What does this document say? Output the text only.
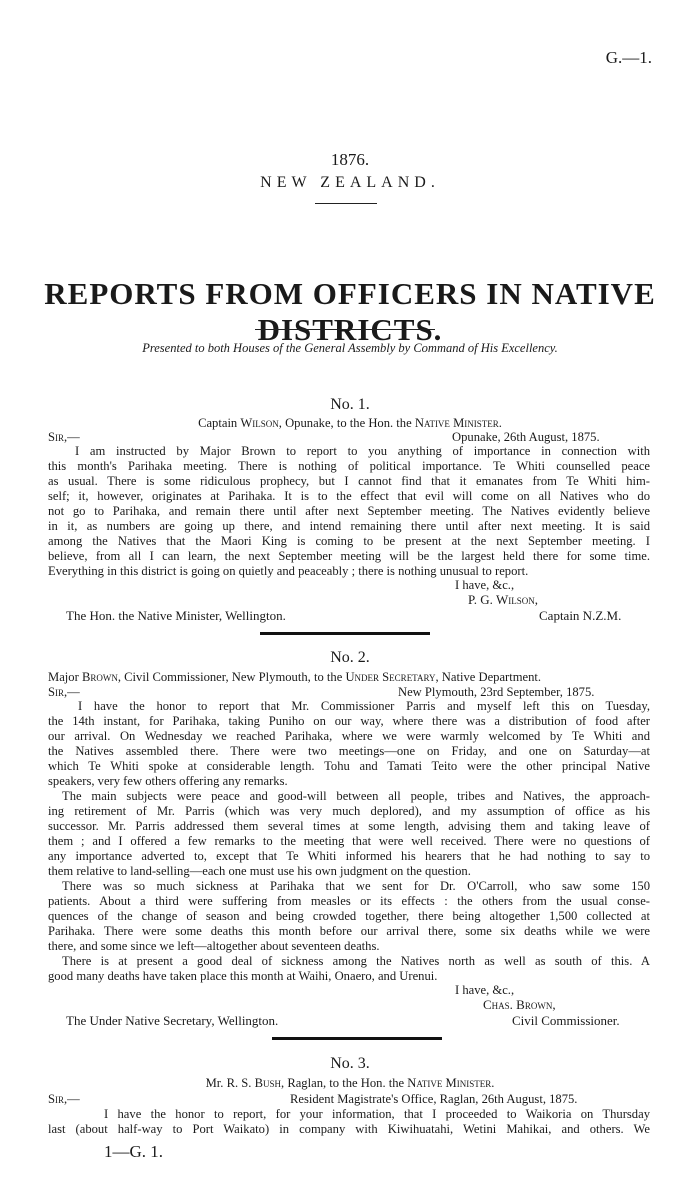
G.—1.
1876.
NEW ZEALAND.
REPORTS FROM OFFICERS IN NATIVE DISTRICTS.
Presented to both Houses of the General Assembly by Command of His Excellency.
No. 1.
Captain Wilson, Opunake, to the Hon. the Native Minister.
Sir,—	Opunake, 26th August, 1875.
I am instructed by Major Brown to report to you anything of importance in connection with
this month's Parihaka meeting. There is nothing of political importance. Te Whiti counselled peace
as usual. There is some ridiculous prophecy, but I cannot find that it emanates from Te Whiti him-
self; it, however, originates at Parihaka. It is to the effect that evil will come on all Natives who do
not go to Parihaka, and remain there until after next September meeting. The Natives evidently believe
in it, as numbers are going up there, and intend remaining there until after next meeting. It is said
among the Natives that the Maori King is coming to be present at the next September meeting. I
believe, from all I can learn, the next September meeting will be the largest held there for some time.
Everything in this district is going on quietly and peaceably ; there is nothing unusual to report.
I have, &c.,
P. G. Wilson,
The Hon. the Native Minister, Wellington.	Captain N.Z.M.
No. 2.
Major Brown, Civil Commissioner, New Plymouth, to the Under Secretary, Native Department.
Sir,—	New Plymouth, 23rd September, 1875.
I have the honor to report that Mr. Commissioner Parris and myself left this on Tuesday,
the 14th instant, for Parihaka, taking Puniho on our way, where there was a distribution of food after
our arrival. On Wednesday we reached Parihaka, where we were warmly welcomed by Te Whiti and
the Natives assembled there. There were two meetings—one on Friday, and one on Saturday—at
which Te Whiti spoke at considerable length. Tohu and Tamati Teito were the other principal Native
speakers, very few others offering any remarks.
The main subjects were peace and good-will between all people, tribes and Natives, the approach-
ing retirement of Mr. Parris (which was very much deplored), and my assumption of office as his
successor. Mr. Parris addressed them several times at some length, advising them and taking leave of
them ; and I offered a few remarks to the meeting that were well received. There were no questions of
any importance adverted to, except that Te Whiti informed his hearers that he had nothing to say to
them relative to land-selling—each one must use his own judgment on the question.
There was so much sickness at Parihaka that we sent for Dr. O'Carroll, who saw some 150
patients. About a third were suffering from measles or its effects : the others from the usual conse-
quences of the change of season and being crowded together, there being altogether 1,500 collected at
Parihaka. There were some deaths this month before our arrival there, some six deaths while we were
there, and some since we left—altogether about seventeen deaths.
There is at present a good deal of sickness among the Natives north as well as south of this. A
good many deaths have taken place this month at Waihi, Onaero, and Urenui.
I have, &c.,
Chas. Brown,
The Under Native Secretary, Wellington.	Civil Commissioner.
No. 3.
Mr. R. S. Bush, Raglan, to the Hon. the Native Minister.
Sir,—	Resident Magistrate's Office, Raglan, 26th August, 1875.
I have the honor to report, for your information, that I proceeded to Waikoria on Thursday
last (about half-way to Port Waikato) in company with Kiwihuatahi, Wetini Mahikai, and others. We
1—G. 1.
